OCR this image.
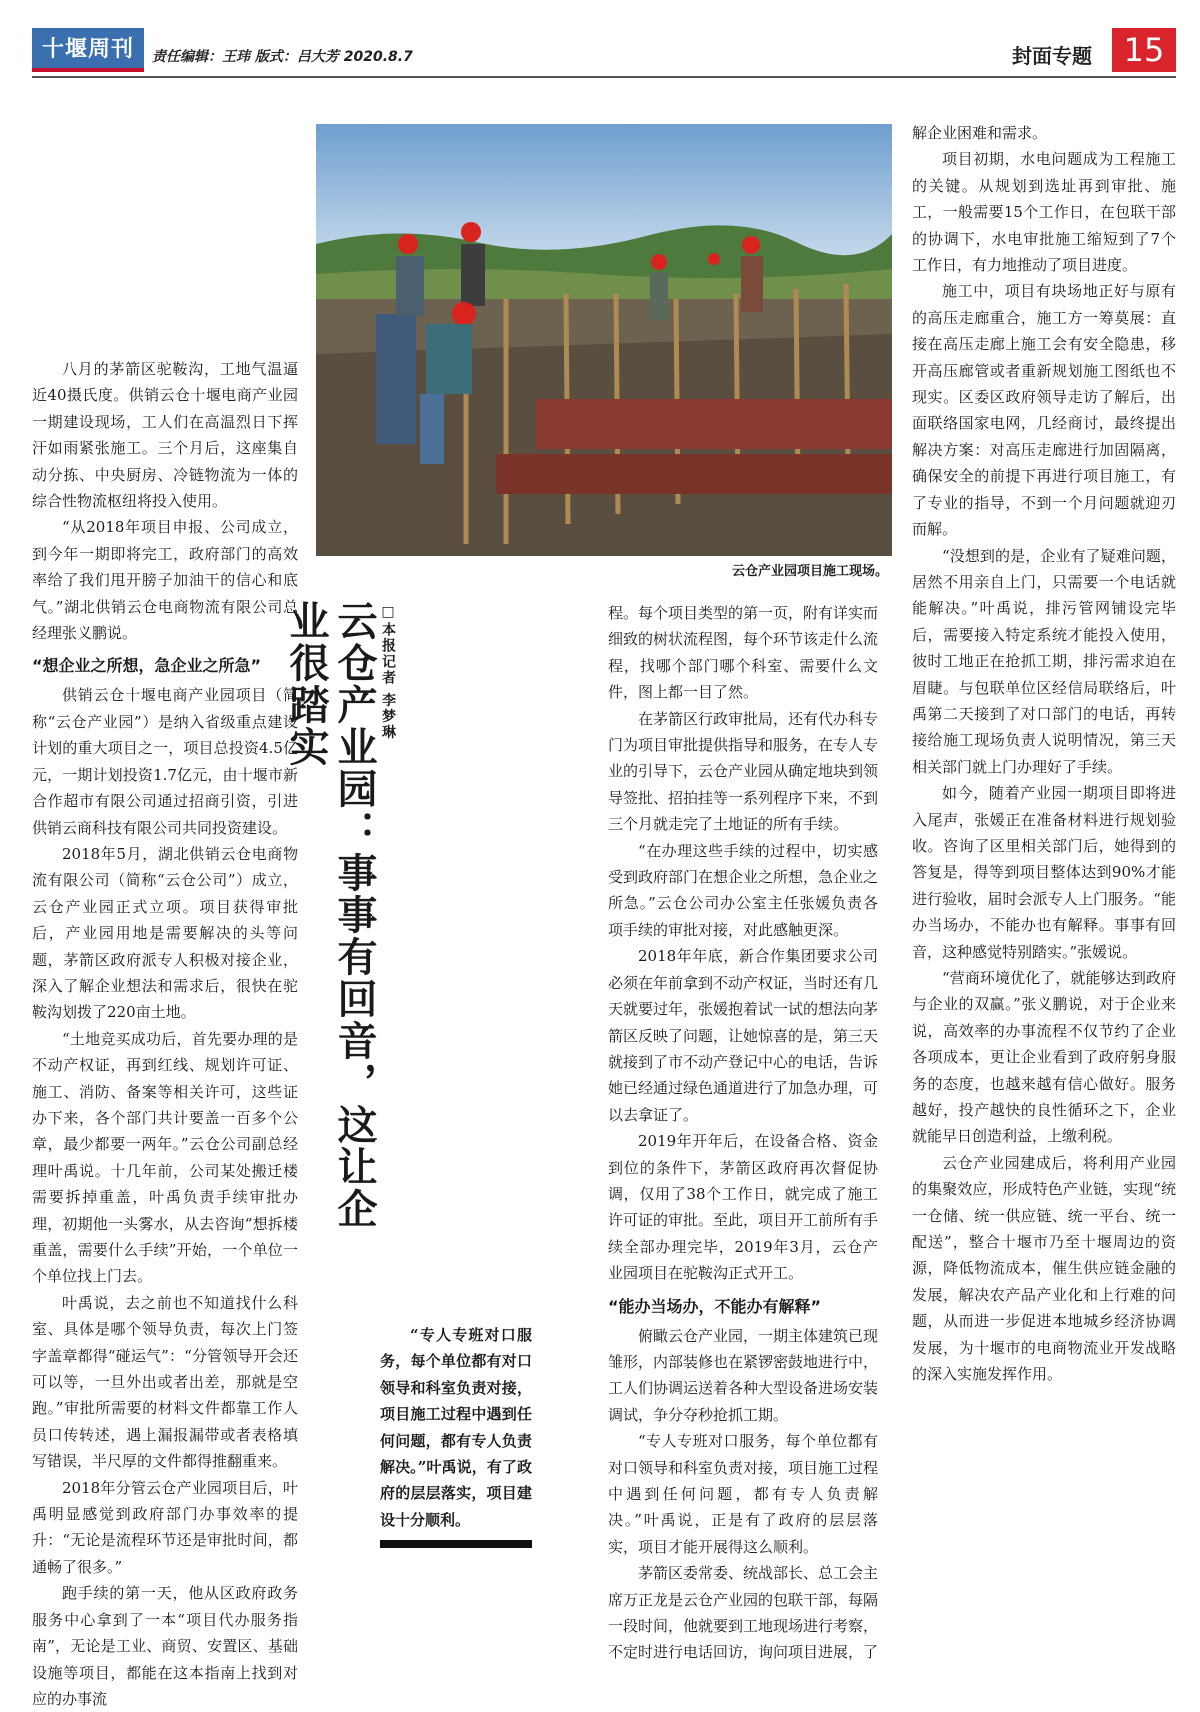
十堰周刊	责任编辑：王玮 版式：吕大芳 2020.8.7	封面专题 15

八月的茅箭区驼鞍沟，工地气温逼近40摄氏度。供销云仓十堰电商产业园一期建设现场，工人们在高温烈日下挥汗如雨紧张施工。三个月后，这座集自动分拣、中央厨房、冷链物流为一体的综合性物流枢纽将投入使用。

“从2018年项目申报、公司成立，到今年一期即将完工，政府部门的高效率给了我们甩开膀子加油干的信心和底气。”湖北供销云仓电商物流有限公司总经理张义鹏说。

“想企业之所想，急企业之所急”

供销云仓十堰电商产业园项目（简称“云仓产业园”）是纳入省级重点建设计划的重大项目之一，项目总投资4.5亿元，一期计划投资1.7亿元，由十堰市新合作超市有限公司通过招商引资，引进供销云商科技有限公司共同投资建设。

2018年5月，湖北供销云仓电商物流有限公司（简称“云仓公司”）成立，云仓产业园正式立项。项目获得审批后，产业园用地是需要解决的头等问题，茅箭区政府派专人积极对接企业，深入了解企业想法和需求后，很快在驼鞍沟划拨了220亩土地。

“土地竞买成功后，首先要办理的是不动产权证，再到红线、规划许可证、施工、消防、备案等相关许可，这些证办下来，各个部门共计要盖一百多个公章，最少都要一两年。”云仓公司副总经理叶禹说。十几年前，公司某处搬迁楼需要拆掉重盖，叶禹负责手续审批办理，初期他一头雾水，从去咨询“想拆楼重盖，需要什么手续”开始，一个单位一个单位找上门去。

叶禹说，去之前也不知道找什么科室、具体是哪个领导负责，每次上门签字盖章都得“碰运气”：“分管领导开会还可以等，一旦外出或者出差，那就是空跑。”审批所需要的材料文件都靠工作人员口传转述，遇上漏报漏带或者表格填写错误，半尺厚的文件都得推翻重来。

2018年分管云仓产业园项目后，叶禹明显感觉到政府部门办事效率的提升：“无论是流程环节还是审批时间，都通畅了很多。”

跑手续的第一天，他从区政府政务服务中心拿到了一本“项目代办服务指南”，无论是工业、商贸、安置区、基础设施等项目，都能在这本指南上找到对应的办事流

云仓产业园项目施工现场。
云仓产业园：事事有回音，这让企业很踏实	□本报记者 李梦琳

“专人专班对口服务，每个单位都有对口领导和科室负责对接，项目施工过程中遇到任何问题，都有专人负责解决。”叶禹说，有了政府的层层落实，项目建设十分顺利。

程。每个项目类型的第一页，附有详实而细致的树状流程图，每个环节该走什么流程，找哪个部门哪个科室、需要什么文件，图上都一目了然。

在茅箭区行政审批局，还有代办科专门为项目审批提供指导和服务，在专人专业的引导下，云仓产业园从确定地块到领导签批、招拍挂等一系列程序下来，不到三个月就走完了土地证的所有手续。

“在办理这些手续的过程中，切实感受到政府部门在想企业之所想，急企业之所急。”云仓公司办公室主任张媛负责各项手续的审批对接，对此感触更深。

2018年年底，新合作集团要求公司必须在年前拿到不动产权证，当时还有几天就要过年，张媛抱着试一试的想法向茅箭区反映了问题，让她惊喜的是，第三天就接到了市不动产登记中心的电话，告诉她已经通过绿色通道进行了加急办理，可以去拿证了。

2019年开年后，在设备合格、资金到位的条件下，茅箭区政府再次督促协调，仅用了38个工作日，就完成了施工许可证的审批。至此，项目开工前所有手续全部办理完毕，2019年3月，云仓产业园项目在驼鞍沟正式开工。

“能办当场办，不能办有解释”

俯瞰云仓产业园，一期主体建筑已现雏形，内部装修也在紧锣密鼓地进行中，工人们协调运送着各种大型设备进场安装调试，争分夺秒抢抓工期。

“专人专班对口服务，每个单位都有对口领导和科室负责对接，项目施工过程中遇到任何问题，都有专人负责解决。”叶禹说，正是有了政府的层层落实，项目才能开展得这么顺利。

茅箭区委常委、统战部长、总工会主席万正龙是云仓产业园的包联干部，每隔一段时间，他就要到工地现场进行考察，不定时进行电话回访，询问项目进展，了

解企业困难和需求。

项目初期，水电问题成为工程施工的关键。从规划到选址再到审批、施工，一般需要15个工作日，在包联干部的协调下，水电审批施工缩短到了7个工作日，有力地推动了项目进度。

施工中，项目有块场地正好与原有的高压走廊重合，施工方一筹莫展：直接在高压走廊上施工会有安全隐患，移开高压廊管或者重新规划施工图纸也不现实。区委区政府领导走访了解后，出面联络国家电网，几经商讨，最终提出解决方案：对高压走廊进行加固隔离，确保安全的前提下再进行项目施工，有了专业的指导，不到一个月问题就迎刃而解。

“没想到的是，企业有了疑难问题，居然不用亲自上门，只需要一个电话就能解决。”叶禹说，排污管网铺设完毕后，需要接入特定系统才能投入使用，彼时工地正在抢抓工期，排污需求迫在眉睫。与包联单位区经信局联络后，叶禹第二天接到了对口部门的电话，再转接给施工现场负责人说明情况，第三天相关部门就上门办理好了手续。

如今，随着产业园一期项目即将进入尾声，张媛正在准备材料进行规划验收。咨询了区里相关部门后，她得到的答复是，得等到项目整体达到90%才能进行验收，届时会派专人上门服务。“能办当场办，不能办也有解释。事事有回音，这种感觉特别踏实。”张媛说。

“营商环境优化了，就能够达到政府与企业的双赢。”张义鹏说，对于企业来说，高效率的办事流程不仅节约了企业各项成本，更让企业看到了政府躬身服务的态度，也越来越有信心做好。服务越好，投产越快的良性循环之下，企业就能早日创造利益，上缴利税。

云仓产业园建成后，将利用产业园的集聚效应，形成特色产业链，实现“统一仓储、统一供应链、统一平台、统一配送”，整合十堰市乃至十堰周边的资源，降低物流成本，催生供应链金融的发展，解决农产品产业化和上行难的问题，从而进一步促进本地城乡经济协调发展，为十堰市的电商物流业开发战略的深入实施发挥作用。
